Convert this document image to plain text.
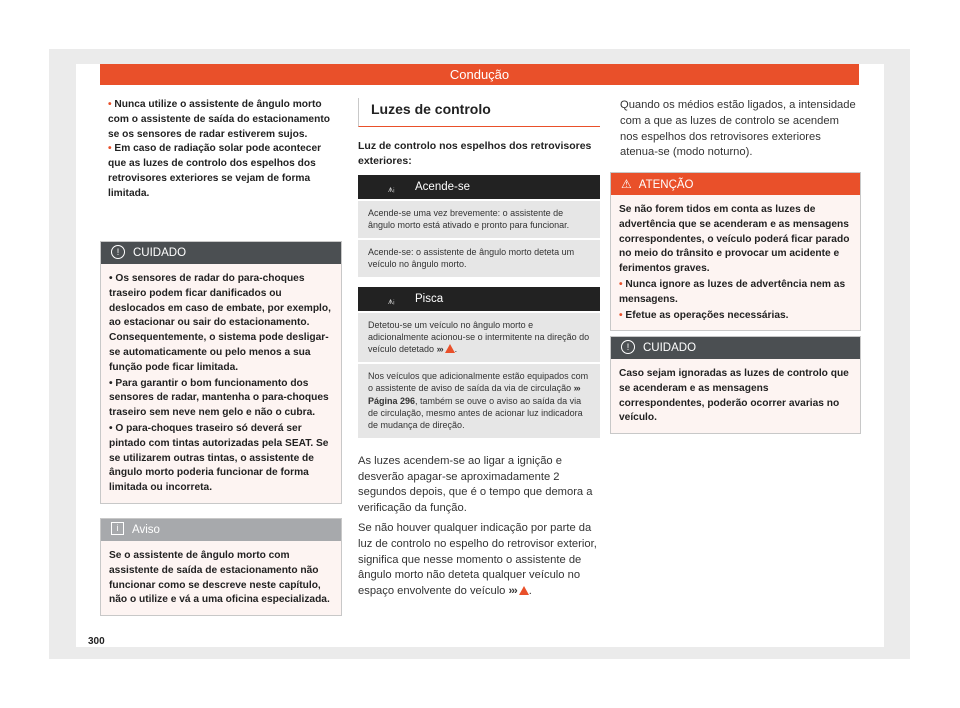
Condução

• Nunca utilize o assistente de ângulo morto com o assistente de saída do estacionamento se os sensores de radar estiverem sujos.

• Em caso de radiação solar pode acontecer que as luzes de controlo dos espelhos dos retrovisores exteriores se vejam de forma limitada.

! CUIDADO

• Os sensores de radar do para-choques traseiro podem ficar danificados ou deslocados em caso de embate, por exemplo, ao estacionar ou sair do estacionamento. Consequentemente, o sistema pode desligar-se automaticamente ou pelo menos a sua função pode ficar limitada.

• Para garantir o bom funcionamento dos sensores de radar, mantenha o para-choques traseiro sem neve nem gelo e não o cubra.

• O para-choques traseiro só deverá ser pintado com tintas autorizadas pela SEAT. Se se utilizarem outras tintas, o assistente de ângulo morto poderia funcionar de forma limitada ou incorreta.

i Aviso

Se o assistente de ângulo morto com assistente de saída de estacionamento não funcionar como se descreve neste capítulo, não o utilize e vá a uma oficina especializada.

300
Luzes de controlo

Luz de controlo nos espelhos dos retrovisores exteriores:

⩚ᵢ Acende-se
Acende-se uma vez brevemente: o assistente de ângulo morto está ativado e pronto para funcionar.
Acende-se: o assistente de ângulo morto deteta um veículo no ângulo morto.
⩚ᵢ Pisca
Detetou-se um veículo no ângulo morto e adicionalmente acionou-se o intermitente na direção do veículo detetado ››› .
Nos veículos que adicionalmente estão equipados com o assistente de aviso de saída da via de circulação ››› Página 296, também se ouve o aviso ao saída da via de circulação, mesmo antes de acionar luz indicadora de mudança de direção.

As luzes acendem-se ao ligar a ignição e desverão apagar-se aproximadamente 2 segundos depois, que é o tempo que demora a verificação da função.

Se não houver qualquer indicação por parte da luz de controlo no espelho do retrovisor exterior, significa que nesse momento o assistente de ângulo morto não deteta qualquer veículo no espaço envolvente do veículo ››› .

Quando os médios estão ligados, a intensidade com a que as luzes de controlo se acendem nos espelhos dos retrovisores exteriores atenua-se (modo noturno).

⚠ ATENÇÃO

Se não forem tidos em conta as luzes de advertência que se acenderam e as mensagens correspondentes, o veículo poderá ficar parado no meio do trânsito e provocar um acidente e ferimentos graves.

• Nunca ignore as luzes de advertência nem as mensagens.

• Efetue as operações necessárias.

! CUIDADO

Caso sejam ignoradas as luzes de controlo que se acenderam e as mensagens correspondentes, poderão ocorrer avarias no veículo.
